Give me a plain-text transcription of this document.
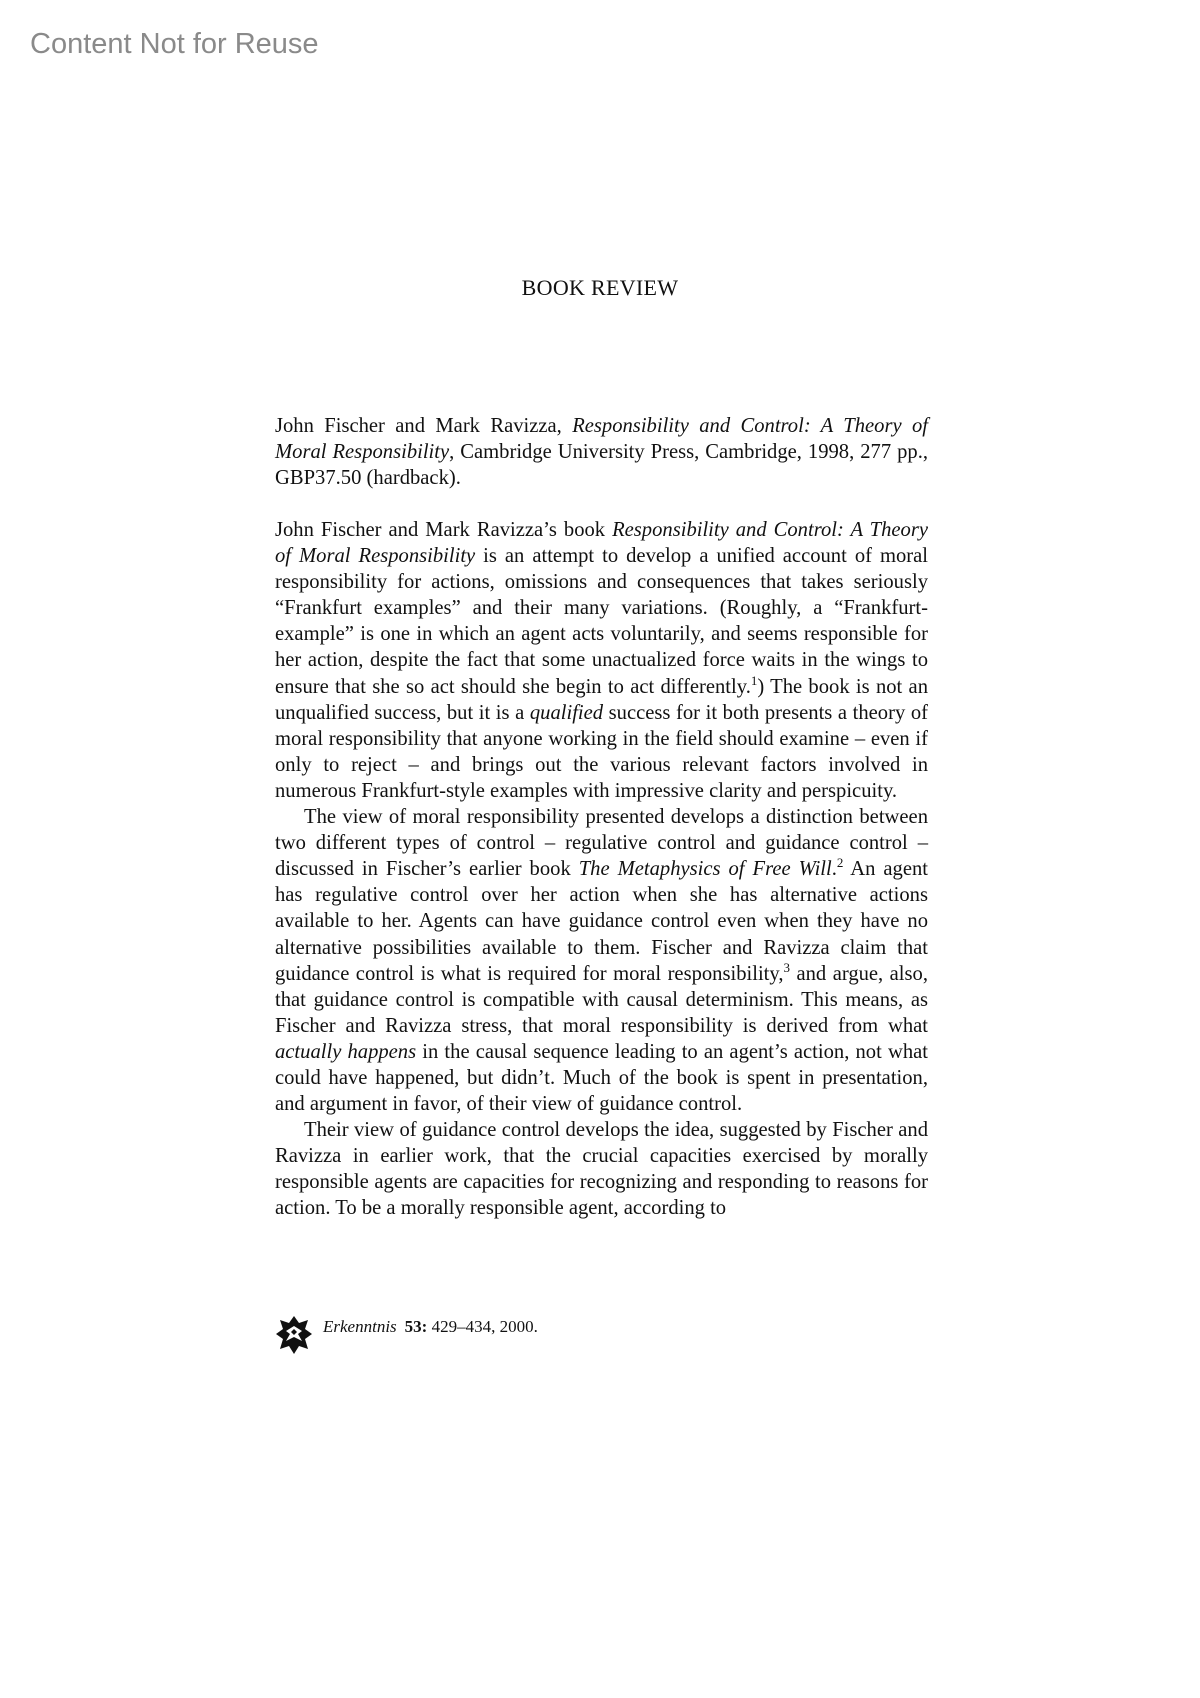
Content Not for Reuse
BOOK REVIEW
John Fischer and Mark Ravizza, Responsibility and Control: A Theory of Moral Responsibility, Cambridge University Press, Cambridge, 1998, 277 pp., GBP37.50 (hardback).

John Fischer and Mark Ravizza’s book Responsibility and Control: A Theory of Moral Responsibility is an attempt to develop a unified account of moral responsibility for actions, omissions and consequences that takes seriously “Frankfurt examples” and their many variations. (Roughly, a “Frankfurt-example” is one in which an agent acts voluntarily, and seems responsible for her action, despite the fact that some unactualized force waits in the wings to ensure that she so act should she begin to act differently.$^1$) The book is not an unqualified success, but it is a qualified success for it both presents a theory of moral responsibility that anyone working in the field should examine – even if only to reject – and brings out the various relevant factors involved in numerous Frankfurt-style examples with impressive clarity and perspicuity.

The view of moral responsibility presented develops a distinction between two different types of control – regulative control and guidance control – discussed in Fischer’s earlier book The Metaphysics of Free Will.$^2$ An agent has regulative control over her action when she has alternative actions available to her. Agents can have guidance control even when they have no alternative possibilities available to them. Fischer and Ravizza claim that guidance control is what is required for moral responsibility,$^3$ and argue, also, that guidance control is compatible with causal determinism. This means, as Fischer and Ravizza stress, that moral responsibility is derived from what actually happens in the causal sequence leading to an agent’s action, not what could have happened, but didn’t. Much of the book is spent in presentation, and argument in favor, of their view of guidance control.

Their view of guidance control develops the idea, suggested by Fischer and Ravizza in earlier work, that the crucial capacities exercised by morally responsible agents are capacities for recognizing and responding to reasons for action. To be a morally responsible agent, according to

Erkenntnis 53: 429–434, 2000.
